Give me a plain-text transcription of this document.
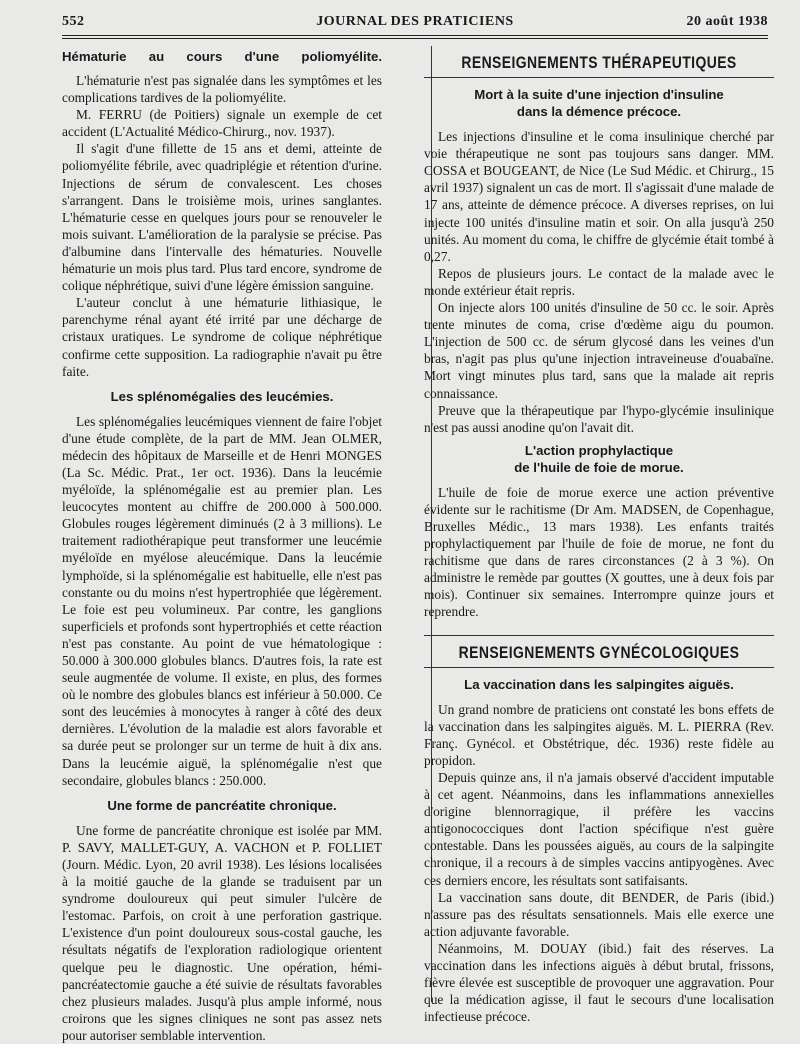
552	JOURNAL DES PRATICIENS	20 août 1938
Hématurie au cours d'une poliomyélite.

L'hématurie n'est pas signalée dans les symptômes et les complications tardives de la poliomyélite.

M. FERRU (de Poitiers) signale un exemple de cet accident (L'Actualité Médico-Chirurg., nov. 1937).

Il s'agit d'une fillette de 15 ans et demi, atteinte de poliomyélite fébrile, avec quadriplégie et rétention d'urine. Injections de sérum de convalescent. Les choses s'arrangent. Dans le troisième mois, urines sanglantes. L'hématurie cesse en quelques jours pour se renouveler le mois suivant. L'amélioration de la paralysie se précise. Pas d'albumine dans l'intervalle des hématuries. Nouvelle hématurie un mois plus tard. Plus tard encore, syndrome de colique néphrétique, suivi d'une légère émission sanguine.

L'auteur conclut à une hématurie lithiasique, le parenchyme rénal ayant été irrité par une décharge de cristaux uratiques. Le syndrome de colique néphrétique confirme cette supposition. La radiographie n'avait pu être faite.

Les splénomégalies des leucémies.

Les splénomégalies leucémiques viennent de faire l'objet d'une étude complète, de la part de MM. Jean OLMER, médecin des hôpitaux de Marseille et de Henri MONGES (La Sc. Médic. Prat., 1er oct. 1936). Dans la leucémie myéloïde, la splénomégalie est au premier plan. Les leucocytes montent au chiffre de 200.000 à 500.000. Globules rouges légèrement diminués (2 à 3 millions). Le traitement radiothérapique peut transformer une leucémie myéloïde en myélose aleucémique. Dans la leucémie lymphoïde, si la splénomégalie est habituelle, elle n'est pas constante ou du moins n'est hypertrophiée que légèrement. Le foie est peu volumineux. Par contre, les ganglions superficiels et profonds sont hypertrophiés et cette réaction n'est pas constante. Au point de vue hématologique : 50.000 à 300.000 globules blancs. D'autres fois, la rate est seule augmentée de volume. Il existe, en plus, des formes où le nombre des globules blancs est inférieur à 50.000. Ce sont des leucémies à monocytes à ranger à côté des deux dernières. L'évolution de la maladie est alors favorable et sa durée peut se prolonger sur un terme de huit à dix ans. Dans la leucémie aiguë, la splénomégalie n'est que secondaire, globules blancs : 250.000.

Une forme de pancréatite chronique.

Une forme de pancréatite chronique est isolée par MM. P. SAVY, MALLET-GUY, A. VACHON et P. FOLLIET (Journ. Médic. Lyon, 20 avril 1938). Les lésions localisées à la moitié gauche de la glande se traduisent par un syndrome douloureux qui peut simuler l'ulcère de l'estomac. Parfois, on croit à une perforation gastrique. L'existence d'un point douloureux sous-costal gauche, les résultats négatifs de l'exploration radiologique orientent quelque peu le diagnostic. Une opération, hémi-pancréatectomie gauche a été suivie de résultats favorables chez plusieurs malades. Jusqu'à plus ample informé, nous croirons que les signes cliniques ne sont pas assez nets pour autoriser semblable intervention.

RENSEIGNEMENTS THÉRAPEUTIQUES
Mort à la suite d'une injection d'insuline
dans la démence précoce.

Les injections d'insuline et le coma insulinique cherché par voie thérapeutique ne sont pas toujours sans danger. MM. COSSA et BOUGEANT, de Nice (Le Sud Médic. et Chirurg., 15 avril 1937) signalent un cas de mort. Il s'agissait d'une malade de 17 ans, atteinte de démence précoce. A diverses reprises, on lui injecte 100 unités d'insuline matin et soir. On alla jusqu'à 250 unités. Au moment du coma, le chiffre de glycémie était tombé à 0,27.

Repos de plusieurs jours. Le contact de la malade avec le monde extérieur était repris.

On injecte alors 100 unités d'insuline de 50 cc. le soir. Après trente minutes de coma, crise d'œdème aigu du poumon. L'injection de 500 cc. de sérum glycosé dans les veines d'un bras, n'agit pas plus qu'une injection intraveineuse d'ouabaïne. Mort vingt minutes plus tard, sans que la malade ait repris connaissance.

Preuve que la thérapeutique par l'hypo-glycémie insulinique n'est pas aussi anodine qu'on l'avait dit.

L'action prophylactique
de l'huile de foie de morue.

L'huile de foie de morue exerce une action préventive évidente sur le rachitisme (Dr Am. MADSEN, de Copenhague, Bruxelles Médic., 13 mars 1938). Les enfants traités prophylactiquement par l'huile de foie de morue, ne font du rachitisme que dans de rares circonstances (2 à 3 %). On administre le remède par gouttes (X gouttes, une à deux fois par mois). Continuer six semaines. Interrompre quinze jours et reprendre.

RENSEIGNEMENTS GYNÉCOLOGIQUES
La vaccination dans les salpingites aiguës.

Un grand nombre de praticiens ont constaté les bons effets de la vaccination dans les salpingites aiguës. M. L. PIERRA (Rev. Franç. Gynécol. et Obstétrique, déc. 1936) reste fidèle au propidon.

Depuis quinze ans, il n'a jamais observé d'accident imputable à cet agent. Néanmoins, dans les inflammations annexielles d'origine blennorragique, il préfère les vaccins antigonococciques dont l'action spécifique n'est guère contestable. Dans les poussées aiguës, au cours de la salpingite chronique, il a recours à de simples vaccins antipyogènes. Avec ces derniers encore, les résultats sont satifaisants.

La vaccination sans doute, dit BENDER, de Paris (ibid.) n'assure pas des résultats sensationnels. Mais elle exerce une action adjuvante favorable.

Néanmoins, M. DOUAY (ibid.) fait des réserves. La vaccination dans les infections aiguës à début brutal, frissons, fièvre élevée est susceptible de provoquer une aggravation. Pour que la médication agisse, il faut le secours d'une localisation infectieuse précoce.
